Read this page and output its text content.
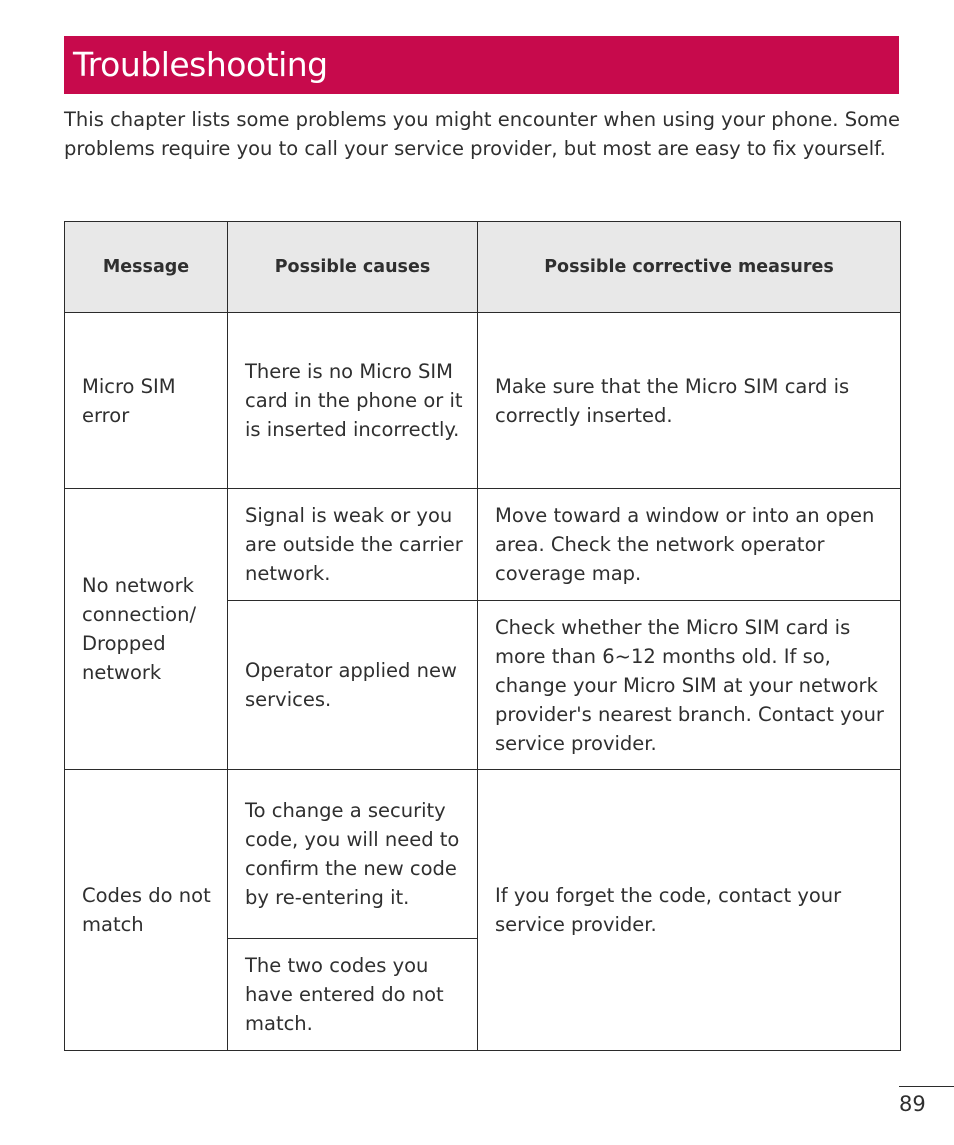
Troubleshooting

This chapter lists some problems you might encounter when using your phone. Some problems require you to call your service provider, but most are easy to fix yourself.

Message	Possible causes	Possible corrective measures
Micro SIM error	There is no Micro SIM card in the phone or it is inserted incorrectly.	Make sure that the Micro SIM card is correctly inserted.
No network connection/ Dropped network	Signal is weak or you are outside the carrier network.	Move toward a window or into an open area. Check the network operator coverage map.
	Operator applied new services.	Check whether the Micro SIM card is more than 6~12 months old. If so, change your Micro SIM at your network provider's nearest branch. Contact your service provider.
Codes do not match	To change a security code, you will need to confirm the new code by re-entering it.	If you forget the code, contact your service provider.
	The two codes you have entered do not match.	
89
